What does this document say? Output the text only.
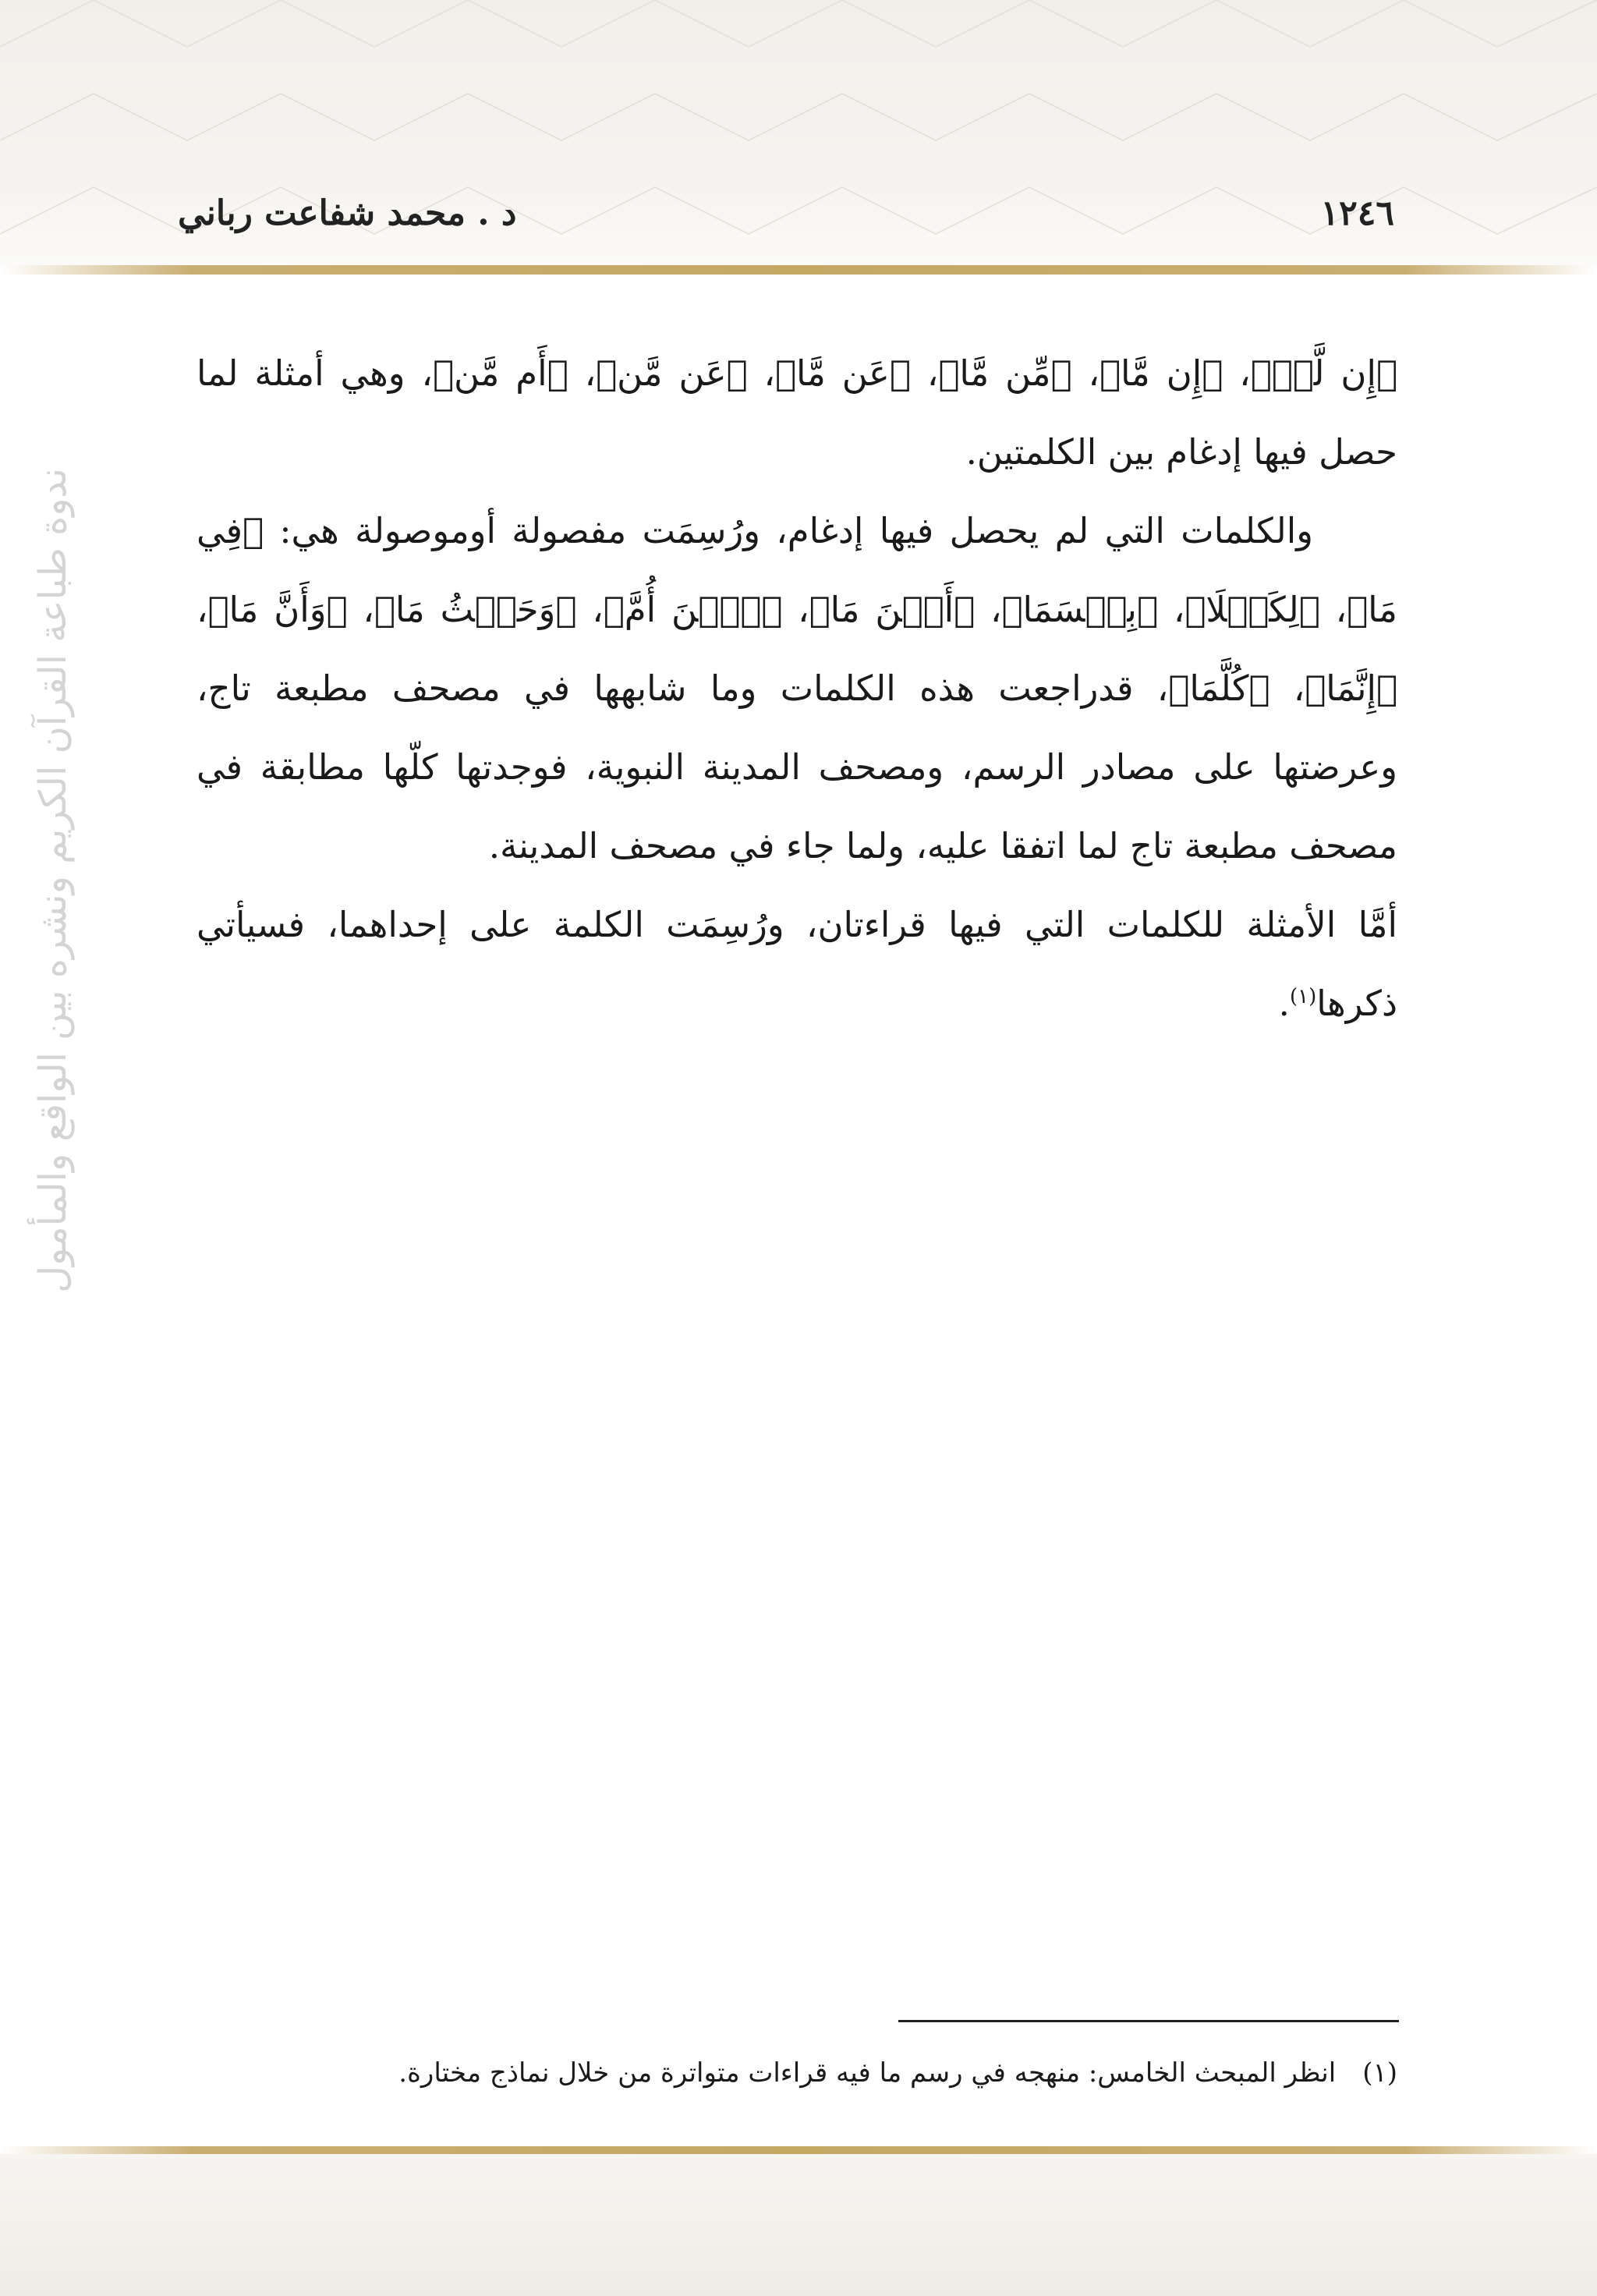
١٢٤٦
د . محمد شفاعت رباني
ندوة طباعة القرآن الكريم ونشره بين الواقع والمأمول

﴿إِن لَّمۡ﴾، ﴿إِن مَّا﴾، ﴿مِّن مَّا﴾، ﴿عَن مَّا﴾، ﴿عَن مَّن﴾، ﴿أَم مَّن﴾، وهي أمثلة لما حصل فيها إدغام بين الكلمتين.

والكلمات التي لم يحصل فيها إدغام، ورُسِمَت مفصولة أوموصولة هي: ﴿فِي مَا﴾، ﴿لِكَيۡلَا﴾، ﴿بِئۡسَمَا﴾، ﴿أَيۡنَ مَا﴾، ﴿ٱبۡنَ أُمَّ﴾، ﴿وَحَيۡثُ مَا﴾، ﴿وَأَنَّ مَا﴾، ﴿إِنَّمَا﴾، ﴿كُلَّمَا﴾، قدراجعت هذه الكلمات وما شابهها في مصحف مطبعة تاج، وعرضتها على مصادر الرسم، ومصحف المدينة النبوية، فوجدتها كلّها مطابقة في مصحف مطبعة تاج لما اتفقا عليه، ولما جاء في مصحف المدينة.

أمَّا الأمثلة للكلمات التي فيها قراءتان، ورُسِمَت الكلمة على إحداهما، فسيأتي ذكرها$^{(١)}$.

(١)انظر المبحث الخامس: منهجه في رسم ما فيه قراءات متواترة من خلال نماذج مختارة.
